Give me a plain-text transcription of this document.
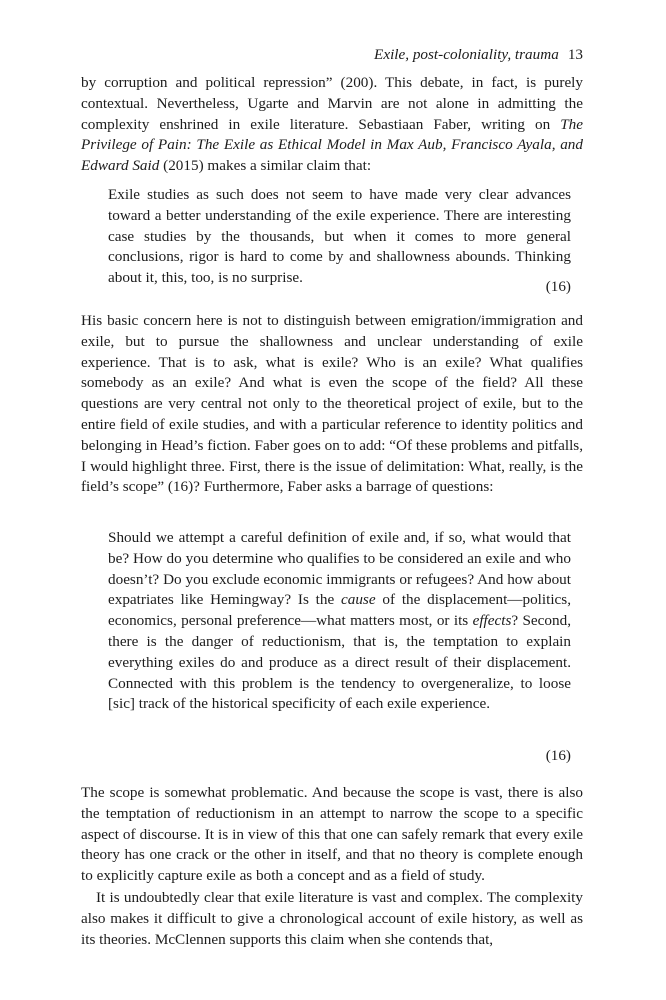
Exile, post-coloniality, trauma 13

by corruption and political repression” (200). This debate, in fact, is purely contextual. Nevertheless, Ugarte and Marvin are not alone in admitting the complexity enshrined in exile literature. Sebastiaan Faber, writing on The Privilege of Pain: The Exile as Ethical Model in Max Aub, Francisco Ayala, and Edward Said (2015) makes a similar claim that:

Exile studies as such does not seem to have made very clear advances toward a better understanding of the exile experience. There are interesting case studies by the thousands, but when it comes to more general conclusions, rigor is hard to come by and shallowness abounds. Thinking about it, this, too, is no surprise.
(16)

His basic concern here is not to distinguish between emigration/immigration and exile, but to pursue the shallowness and unclear understanding of exile experience. That is to ask, what is exile? Who is an exile? What qualifies somebody as an exile? And what is even the scope of the field? All these questions are very central not only to the theoretical project of exile, but to the entire field of exile studies, and with a particular reference to identity politics and belonging in Head’s fiction. Faber goes on to add: “Of these problems and pitfalls, I would highlight three. First, there is the issue of delimitation: What, really, is the field’s scope” (16)? Furthermore, Faber asks a barrage of questions:

Should we attempt a careful definition of exile and, if so, what would that be? How do you determine who qualifies to be considered an exile and who doesn’t? Do you exclude economic immigrants or refugees? And how about expatriates like Hemingway? Is the cause of the displacement—politics, economics, personal preference—what matters most, or its effects? Second, there is the danger of reductionism, that is, the temptation to explain everything exiles do and produce as a direct result of their displacement. Connected with this problem is the tendency to overgeneralize, to loose [sic] track of the historical specificity of each exile experience.
(16)

The scope is somewhat problematic. And because the scope is vast, there is also the temptation of reductionism in an attempt to narrow the scope to a specific aspect of discourse. It is in view of this that one can safely remark that every exile theory has one crack or the other in itself, and that no theory is complete enough to explicitly capture exile as both a concept and as a field of study.

It is undoubtedly clear that exile literature is vast and complex. The complexity also makes it difficult to give a chronological account of exile history, as well as its theories. McClennen supports this claim when she contends that,
